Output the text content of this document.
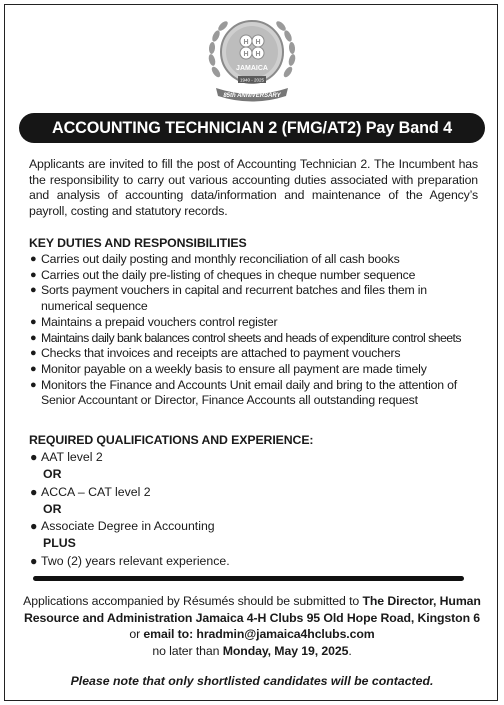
H H
H H
JAMAICA
1940 - 2025
85th ANNIVERSARY
ACCOUNTING TECHNICIAN 2 (FMG/AT2) Pay Band 4
Applicants are invited to fill the post of Accounting Technician 2. The Incumbent has the responsibility to carry out various accounting duties associated with preparation and analysis of accounting data/information and maintenance of the Agency’s payroll, costing and statutory records.
KEY DUTIES AND RESPONSIBILITIES
● Carries out daily posting and monthly reconciliation of all cash books
● Carries out the daily pre-listing of cheques in cheque number sequence
● Sorts payment vouchers in capital and recurrent batches and files them in numerical sequence
● Maintains a prepaid vouchers control register
● Maintains daily bank balances control sheets and heads of expenditure control sheets
● Checks that invoices and receipts are attached to payment vouchers
● Monitor payable on a weekly basis to ensure all payment are made timely
● Monitors the Finance and Accounts Unit email daily and bring to the attention of Senior Accountant or Director, Finance Accounts all outstanding request
REQUIRED QUALIFICATIONS AND EXPERIENCE:
● AAT level 2
OR
● ACCA – CAT level 2
OR
● Associate Degree in Accounting
PLUS
● Two (2) years relevant experience.
Applications accompanied by Résumés should be submitted to The Director, Human Resource and Administration Jamaica 4-H Clubs 95 Old Hope Road, Kingston 6 or email to: hradmin@jamaica4hclubs.com
no later than Monday, May 19, 2025.
Please note that only shortlisted candidates will be contacted.
